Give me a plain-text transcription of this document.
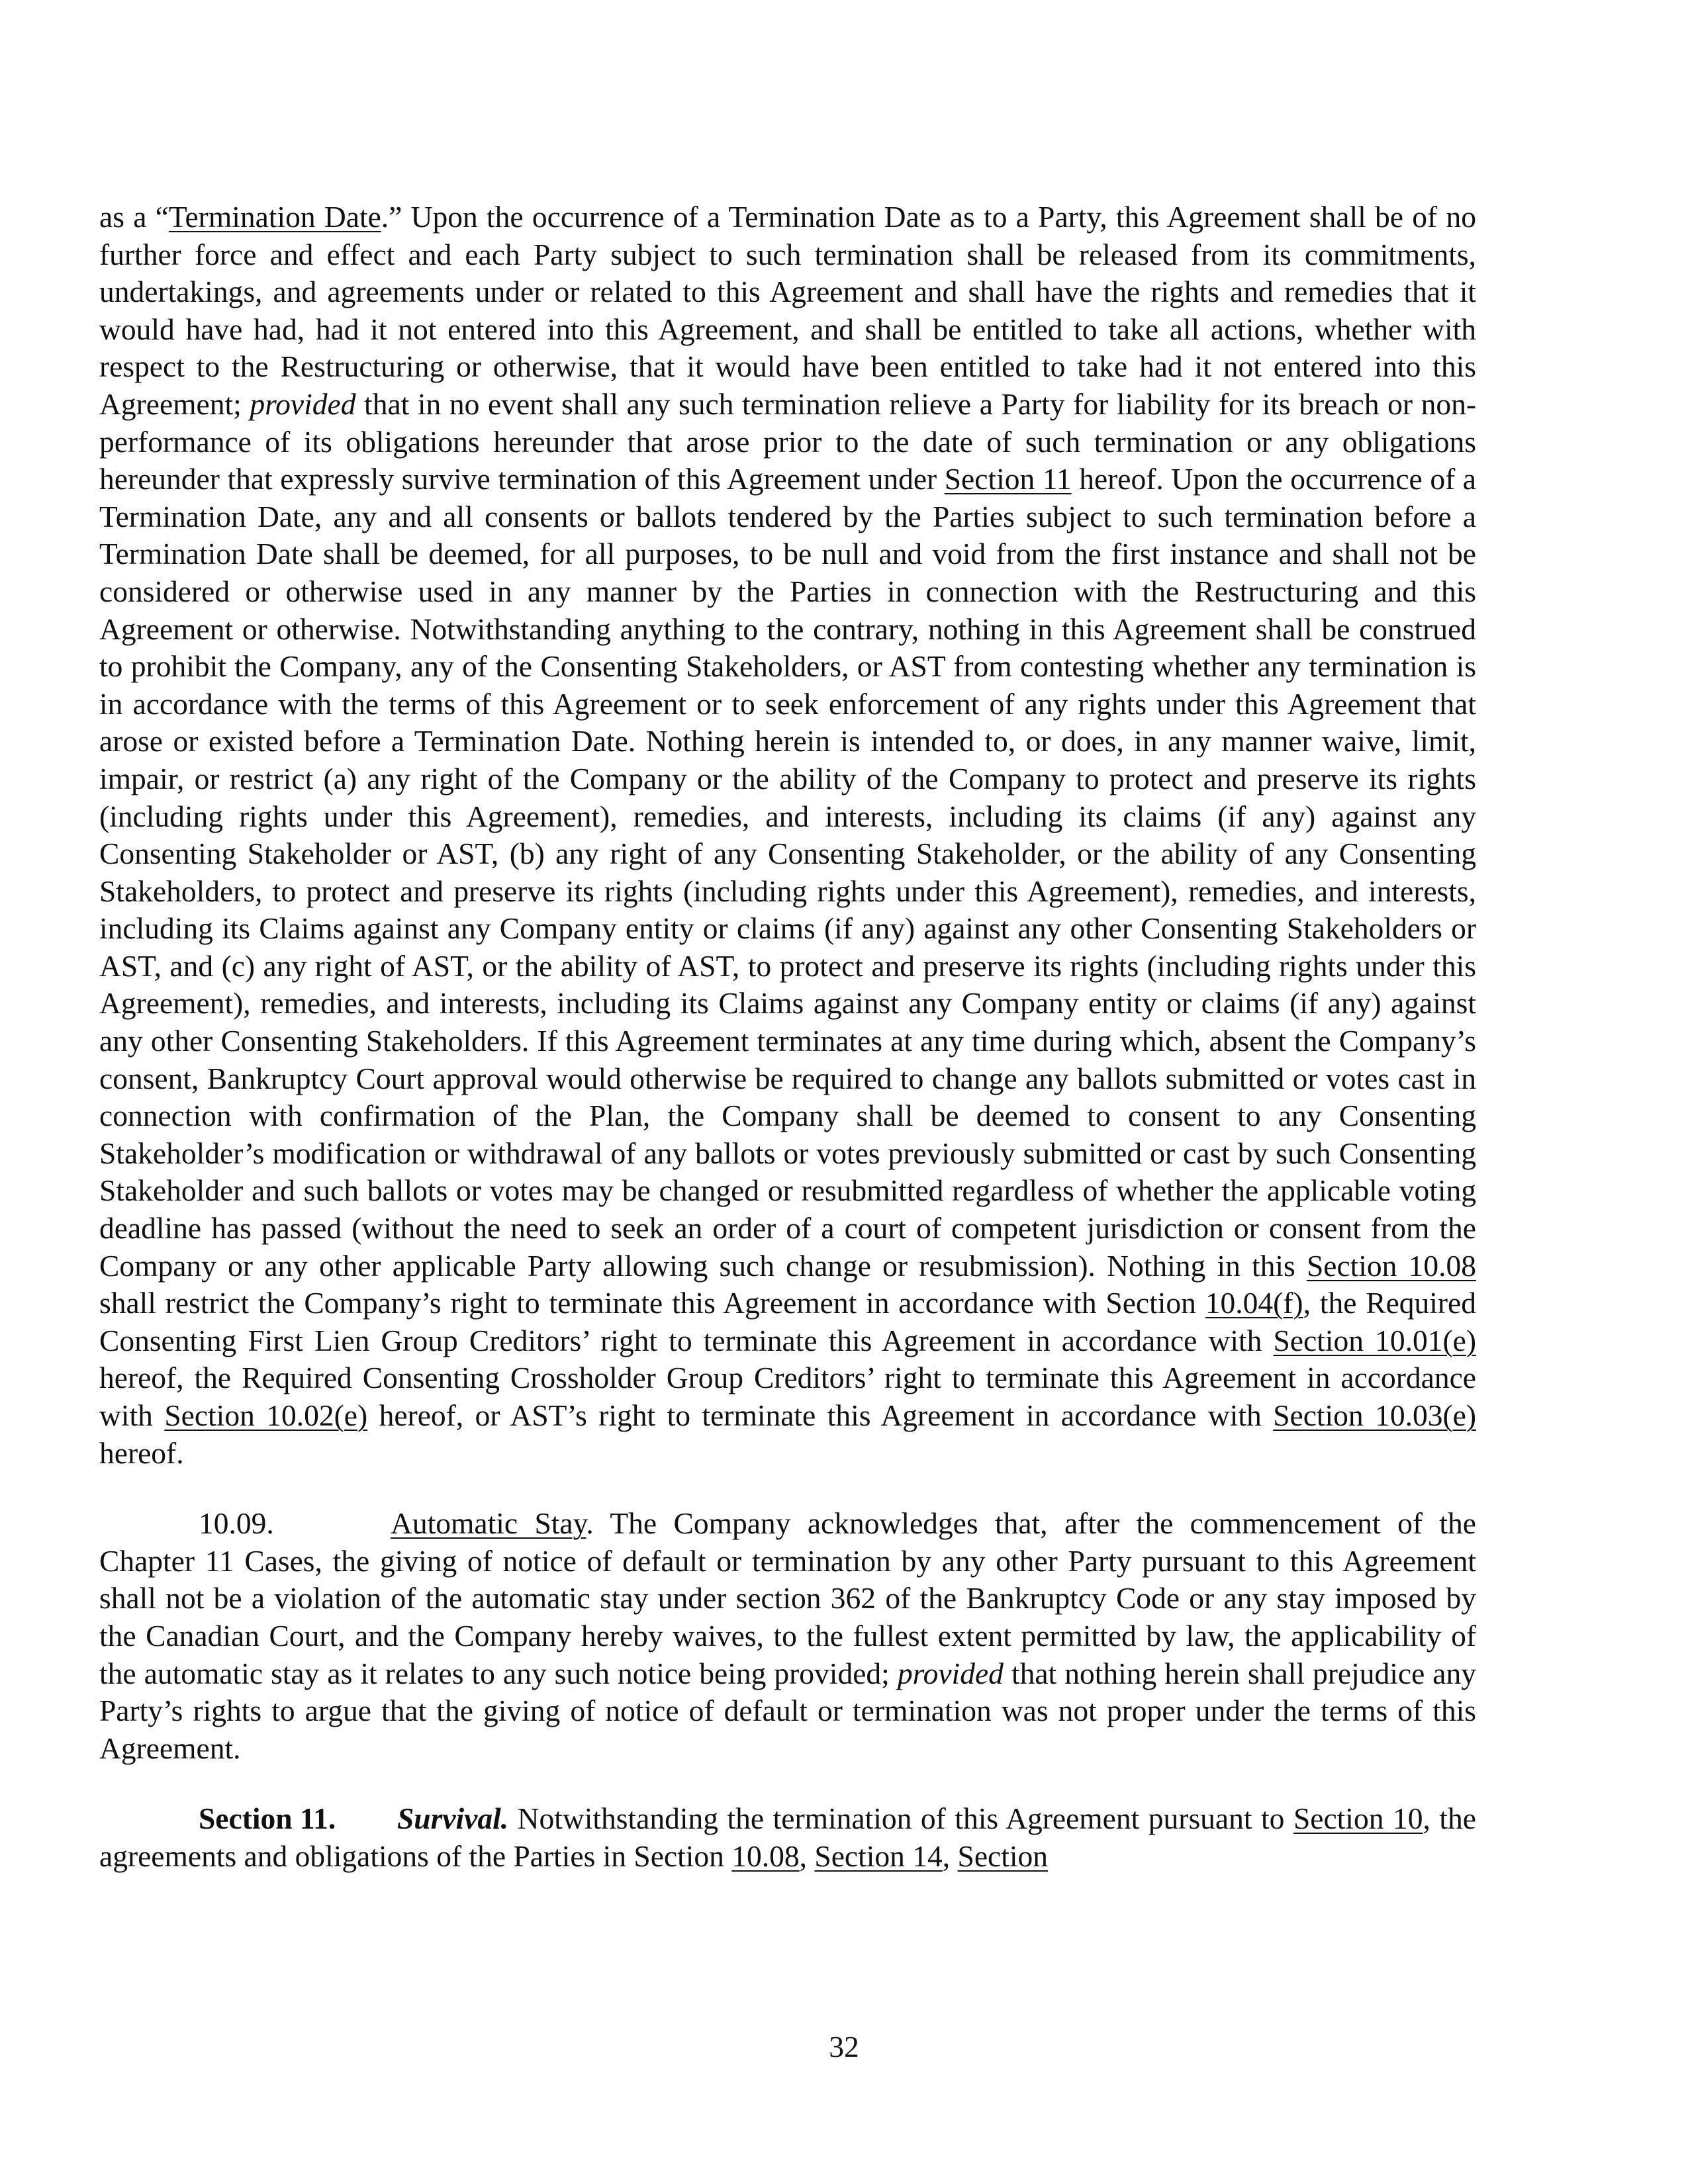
as a “Termination Date.” Upon the occurrence of a Termination Date as to a Party, this Agreement shall be of no further force and effect and each Party subject to such termination shall be released from its commitments, undertakings, and agreements under or related to this Agreement and shall have the rights and remedies that it would have had, had it not entered into this Agreement, and shall be entitled to take all actions, whether with respect to the Restructuring or otherwise, that it would have been entitled to take had it not entered into this Agreement; provided that in no event shall any such termination relieve a Party for liability for its breach or non-performance of its obligations hereunder that arose prior to the date of such termination or any obligations hereunder that expressly survive termination of this Agreement under Section 11 hereof. Upon the occurrence of a Termination Date, any and all consents or ballots tendered by the Parties subject to such termination before a Termination Date shall be deemed, for all purposes, to be null and void from the first instance and shall not be considered or otherwise used in any manner by the Parties in connection with the Restructuring and this Agreement or otherwise. Notwithstanding anything to the contrary, nothing in this Agreement shall be construed to prohibit the Company, any of the Consenting Stakeholders, or AST from contesting whether any termination is in accordance with the terms of this Agreement or to seek enforcement of any rights under this Agreement that arose or existed before a Termination Date. Nothing herein is intended to, or does, in any manner waive, limit, impair, or restrict (a) any right of the Company or the ability of the Company to protect and preserve its rights (including rights under this Agreement), remedies, and interests, including its claims (if any) against any Consenting Stakeholder or AST, (b) any right of any Consenting Stakeholder, or the ability of any Consenting Stakeholders, to protect and preserve its rights (including rights under this Agreement), remedies, and interests, including its Claims against any Company entity or claims (if any) against any other Consenting Stakeholders or AST, and (c) any right of AST, or the ability of AST, to protect and preserve its rights (including rights under this Agreement), remedies, and interests, including its Claims against any Company entity or claims (if any) against any other Consenting Stakeholders. If this Agreement terminates at any time during which, absent the Company’s consent, Bankruptcy Court approval would otherwise be required to change any ballots submitted or votes cast in connection with confirmation of the Plan, the Company shall be deemed to consent to any Consenting Stakeholder’s modification or withdrawal of any ballots or votes previously submitted or cast by such Consenting Stakeholder and such ballots or votes may be changed or resubmitted regardless of whether the applicable voting deadline has passed (without the need to seek an order of a court of competent jurisdiction or consent from the Company or any other applicable Party allowing such change or resubmission). Nothing in this Section 10.08 shall restrict the Company’s right to terminate this Agreement in accordance with Section 10.04(f), the Required Consenting First Lien Group Creditors’ right to terminate this Agreement in accordance with Section 10.01(e) hereof, the Required Consenting Crossholder Group Creditors’ right to terminate this Agreement in accordance with Section 10.02(e) hereof, or AST’s right to terminate this Agreement in accordance with Section 10.03(e) hereof.

10.09.	Automatic Stay. The Company acknowledges that, after the commencement of the Chapter 11 Cases, the giving of notice of default or termination by any other Party pursuant to this Agreement shall not be a violation of the automatic stay under section 362 of the Bankruptcy Code or any stay imposed by the Canadian Court, and the Company hereby waives, to the fullest extent permitted by law, the applicability of the automatic stay as it relates to any such notice being provided; provided that nothing herein shall prejudice any Party’s rights to argue that the giving of notice of default or termination was not proper under the terms of this Agreement.

Section 11. Survival. Notwithstanding the termination of this Agreement pursuant to Section 10, the agreements and obligations of the Parties in Section 10.08, Section 14, Section

32
